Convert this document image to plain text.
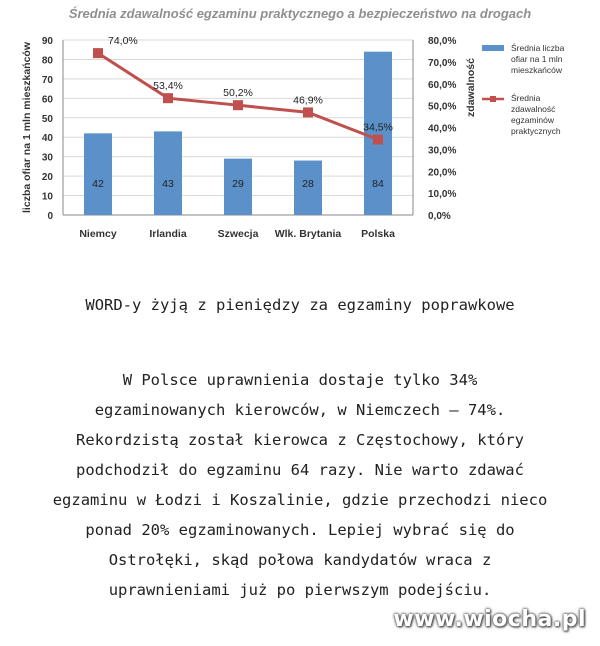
Średnia zdawalność egzaminu praktycznego a bezpieczeństwo na drogach
0
10
20
30
40
50
60
70
80
90
0,0%
10,0%
20,0%
30,0%
40,0%
50,0%
60,0%
70,0%
80,0%
liczba ofiar na 1 mln mieszkańców	zdawalność
42	43	29	28	84
Niemcy	Irlandia	Szwecja Wlk. Brytania Polska
74,0%
53,4%
50,2%
46,9%
34,5%
Średnia liczba
ofiar na 1 mln
mieszkańców
Średnia
zdawalność
egzaminów
praktycznych
WORD-y żyją z pieniędzy za egzaminy poprawkowe
W Polsce uprawnienia dostaje tylko 34%
egzaminowanych kierowców, w Niemczech – 74%.
Rekordzistą został kierowca z Częstochowy, który
podchodził do egzaminu 64 razy. Nie warto zdawać
egzaminu w Łodzi i Koszalinie, gdzie przechodzi nieco
ponad 20% egzaminowanych. Lepiej wybrać się do
Ostrołęki, skąd połowa kandydatów wraca z
uprawnieniami już po pierwszym podejściu.
www.wiocha.pl
